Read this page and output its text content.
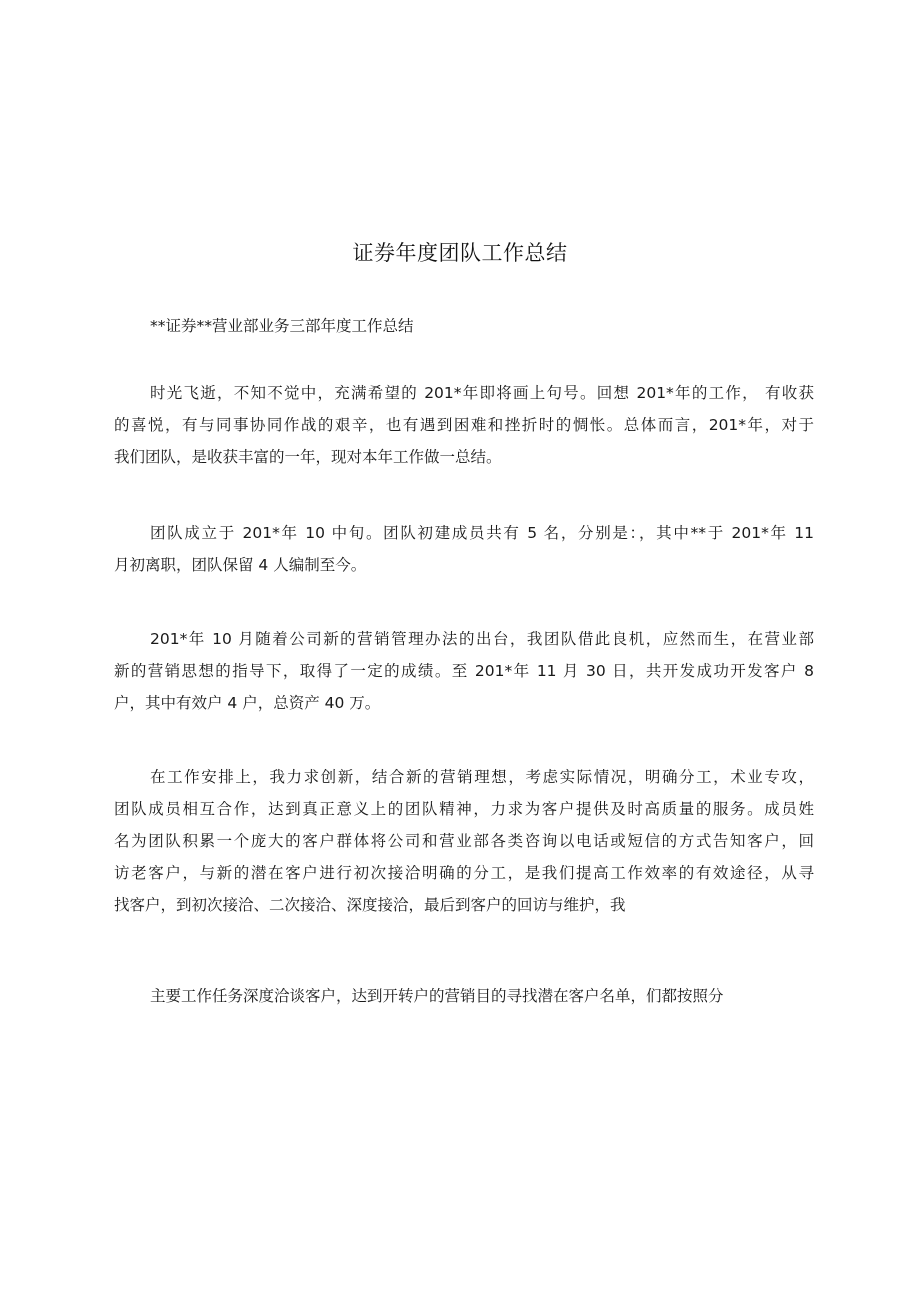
证券年度团队工作总结
**证券**营业部业务三部年度工作总结
时光飞逝，不知不觉中，充满希望的 201*年即将画上句号。回想 201*年的工作， 有收获
的喜悦，有与同事协同作战的艰辛，也有遇到困难和挫折时的惆怅。总体而言，201*年，对于
我们团队，是收获丰富的一年，现对本年工作做一总结。
团队成立于 201*年 10 中旬。团队初建成员共有 5 名，分别是：，其中**于 201*年 11
月初离职，团队保留 4 人编制至今。
201*年 10 月随着公司新的营销管理办法的出台，我团队借此良机，应然而生，在营业部
新的营销思想的指导下，取得了一定的成绩。至 201*年 11 月 30 日，共开发成功开发客户 8
户，其中有效户 4 户，总资产 40 万。
在工作安排上，我力求创新，结合新的营销理想，考虑实际情况，明确分工，术业专攻，
团队成员相互合作，达到真正意义上的团队精神，力求为客户提供及时高质量的服务。成员姓
名为团队积累一个庞大的客户群体将公司和营业部各类咨询以电话或短信的方式告知客户，回
访老客户，与新的潜在客户进行初次接洽明确的分工，是我们提高工作效率的有效途径，从寻
找客户，到初次接洽、二次接洽、深度接洽，最后到客户的回访与维护，我
主要工作任务深度洽谈客户，达到开转户的营销目的寻找潜在客户名单，们都按照分
